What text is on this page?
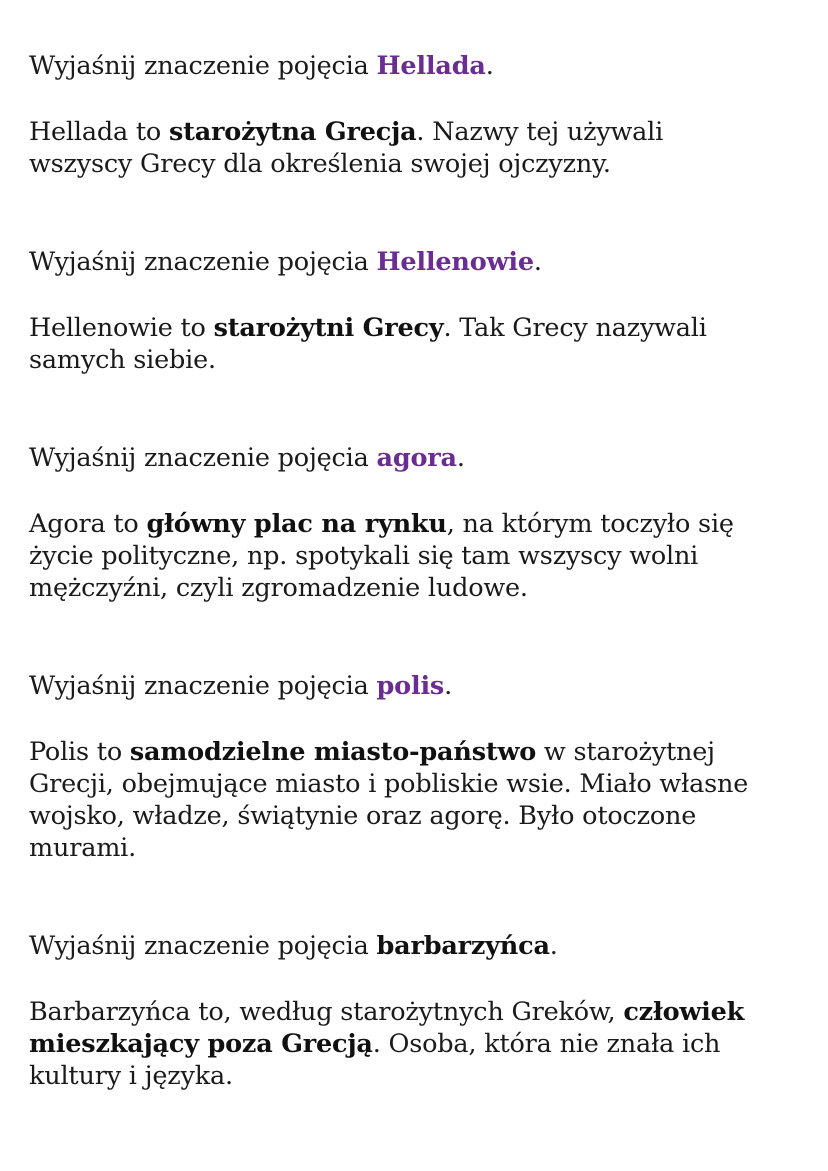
Wyjaśnij znaczenie pojęcia Hellada.

Hellada to starożytna Grecja. Nazwy tej używali
wszyscy Grecy dla określenia swojej ojczyzny.

Wyjaśnij znaczenie pojęcia Hellenowie.

Hellenowie to starożytni Grecy. Tak Grecy nazywali
samych siebie.

Wyjaśnij znaczenie pojęcia agora.

Agora to główny plac na rynku, na którym toczyło się
życie polityczne, np. spotykali się tam wszyscy wolni
mężczyźni, czyli zgromadzenie ludowe.

Wyjaśnij znaczenie pojęcia polis.

Polis to samodzielne miasto-państwo w starożytnej
Grecji, obejmujące miasto i pobliskie wsie. Miało własne
wojsko, władze, świątynie oraz agorę. Było otoczone
murami.

Wyjaśnij znaczenie pojęcia barbarzyńca.

Barbarzyńca to, według starożytnych Greków, człowiek
mieszkający poza Grecją. Osoba, która nie znała ich
kultury i języka.
